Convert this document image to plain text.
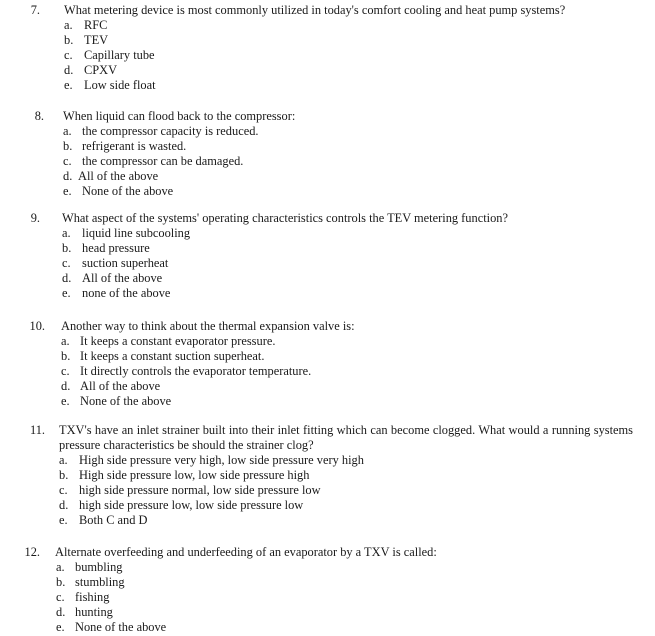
7. What metering device is most commonly utilized in today's comfort cooling and heat pump systems?
a. RFC
b. TEV
c. Capillary tube
d. CPXV
e. Low side float
8. When liquid can flood back to the compressor:
a. the compressor capacity is reduced.
b. refrigerant is wasted.
c. the compressor can be damaged.
d. All of the above
e. None of the above
9. What aspect of the systems' operating characteristics controls the TEV metering function?
a. liquid line subcooling
b. head pressure
c. suction superheat
d. All of the above
e. none of the above
10. Another way to think about the thermal expansion valve is:
a. It keeps a constant evaporator pressure.
b. It keeps a constant suction superheat.
c. It directly controls the evaporator temperature.
d. All of the above
e. None of the above
11. TXV's have an inlet strainer built into their inlet fitting which can become clogged. What would a running systems pressure characteristics be should the strainer clog?
a. High side pressure very high, low side pressure very high
b. High side pressure low, low side pressure high
c. high side pressure normal, low side pressure low
d. high side pressure low, low side pressure low
e. Both C and D
12. Alternate overfeeding and underfeeding of an evaporator by a TXV is called:
a. bumbling
b. stumbling
c. fishing
d. hunting
e. None of the above
